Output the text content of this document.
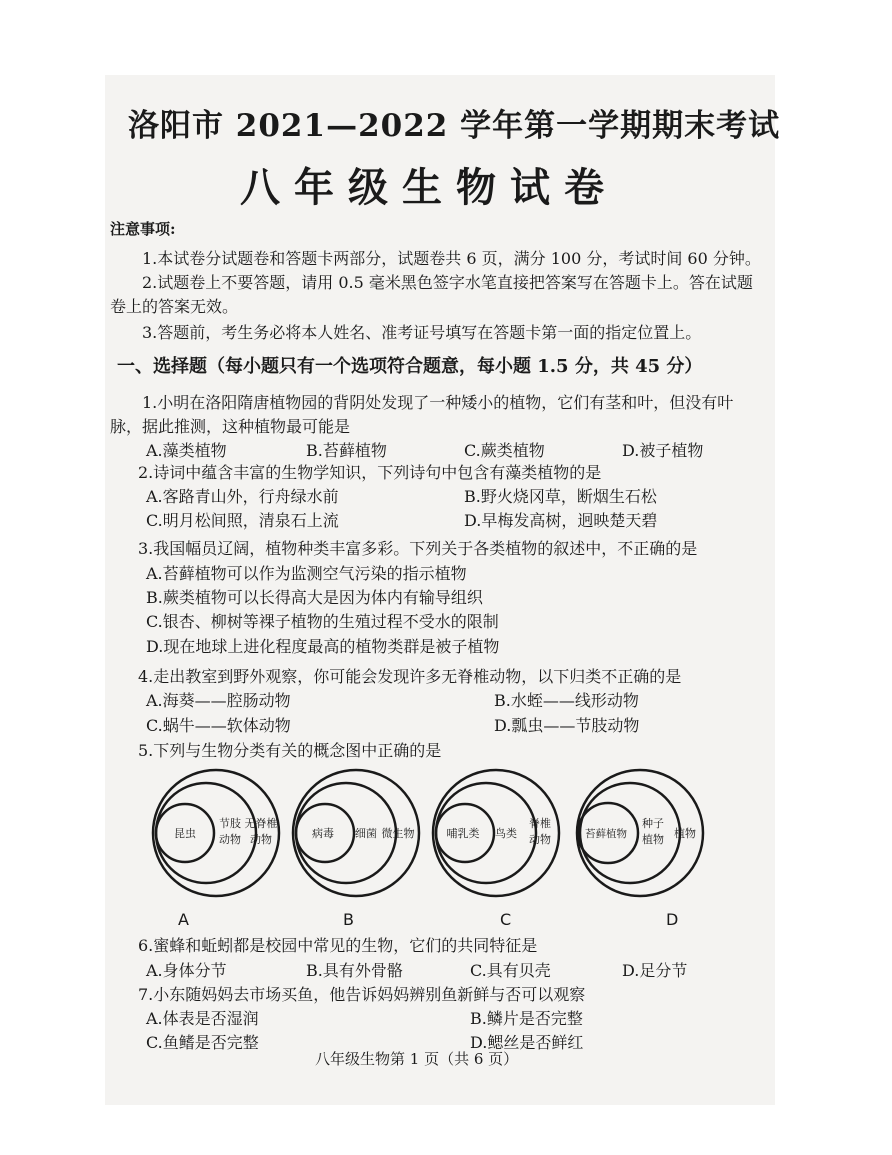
洛阳市 2021—2022 学年第一学期期末考试
八年级生物试卷
注意事项:
1.本试卷分试题卷和答题卡两部分，试题卷共 6 页，满分 100 分，考试时间 60 分钟。
2.试题卷上不要答题，请用 0.5 毫米黑色签字水笔直接把答案写在答题卡上。答在试题
卷上的答案无效。
3.答题前，考生务必将本人姓名、准考证号填写在答题卡第一面的指定位置上。
一、选择题（每小题只有一个选项符合题意，每小题 1.5 分，共 45 分）
1.小明在洛阳隋唐植物园的背阴处发现了一种矮小的植物，它们有茎和叶，但没有叶
脉，据此推测，这种植物最可能是
A.藻类植物	B.苔藓植物	C.蕨类植物	D.被子植物
2.诗词中蕴含丰富的生物学知识，下列诗句中包含有藻类植物的是
A.客路青山外，行舟绿水前	B.野火烧冈草，断烟生石松
C.明月松间照，清泉石上流	D.早梅发高树，迥映楚天碧
3.我国幅员辽阔，植物种类丰富多彩。下列关于各类植物的叙述中，不正确的是
A.苔藓植物可以作为监测空气污染的指示植物
B.蕨类植物可以长得高大是因为体内有输导组织
C.银杏、柳树等裸子植物的生殖过程不受水的限制
D.现在地球上进化程度最高的植物类群是被子植物
4.走出教室到野外观察，你可能会发现许多无脊椎动物，以下归类不正确的是
A.海葵——腔肠动物	B.水蛭——线形动物
C.蜗牛——软体动物	D.瓢虫——节肢动物
5.下列与生物分类有关的概念图中正确的是
昆虫
节肢
动物
无脊椎
动物	病毒 细菌 微生物	哺乳类 鸟类
脊椎
动物	苔藓植物
种子
植物 植物
A	B	C	D
6.蜜蜂和蚯蚓都是校园中常见的生物，它们的共同特征是
A.身体分节	B.具有外骨骼	C.具有贝壳	D.足分节
7.小东随妈妈去市场买鱼，他告诉妈妈辨别鱼新鲜与否可以观察
A.体表是否湿润	B.鳞片是否完整
C.鱼鳍是否完整	D.鳃丝是否鲜红
八年级生物第 1 页（共 6 页）
